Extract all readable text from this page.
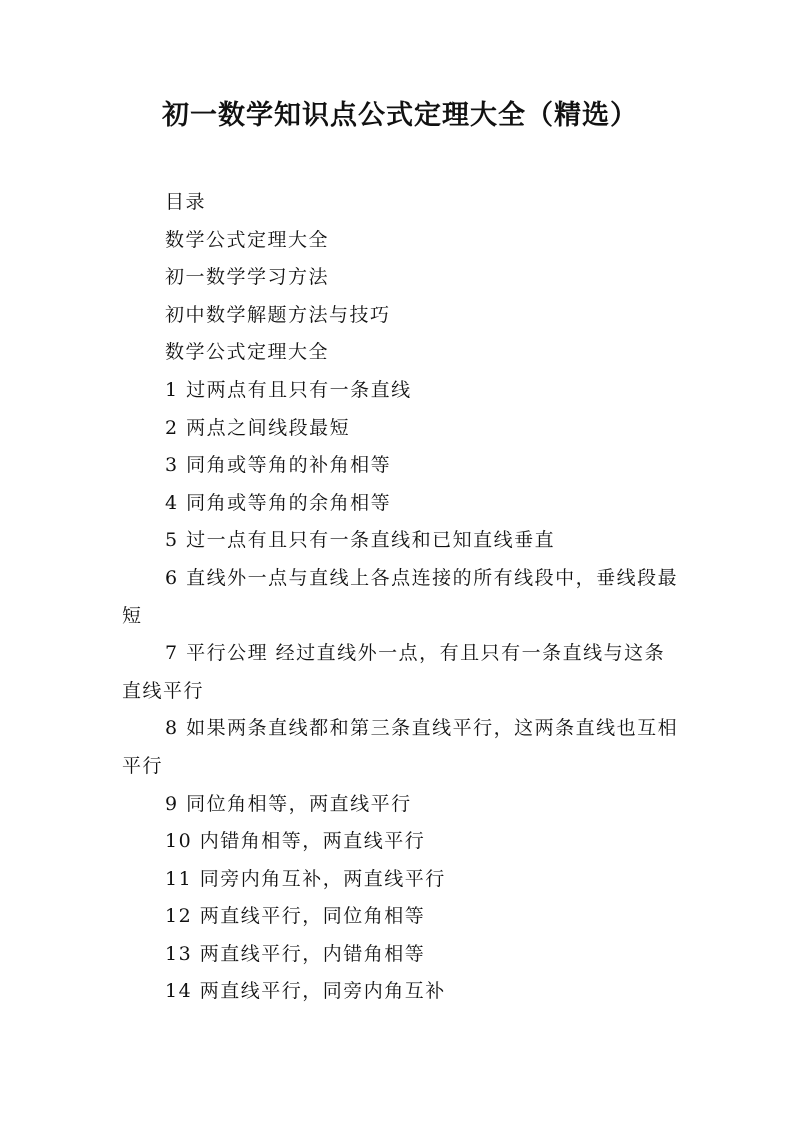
初一数学知识点公式定理大全（精选）

目录

数学公式定理大全

初一数学学习方法

初中数学解题方法与技巧

数学公式定理大全

1 过两点有且只有一条直线

2 两点之间线段最短

3 同角或等角的补角相等

4 同角或等角的余角相等

5 过一点有且只有一条直线和已知直线垂直

6 直线外一点与直线上各点连接的所有线段中，垂线段最短

7 平行公理 经过直线外一点，有且只有一条直线与这条直线平行

8 如果两条直线都和第三条直线平行，这两条直线也互相平行

9 同位角相等，两直线平行

10 内错角相等，两直线平行

11 同旁内角互补，两直线平行

12 两直线平行，同位角相等

13 两直线平行，内错角相等

14 两直线平行，同旁内角互补
